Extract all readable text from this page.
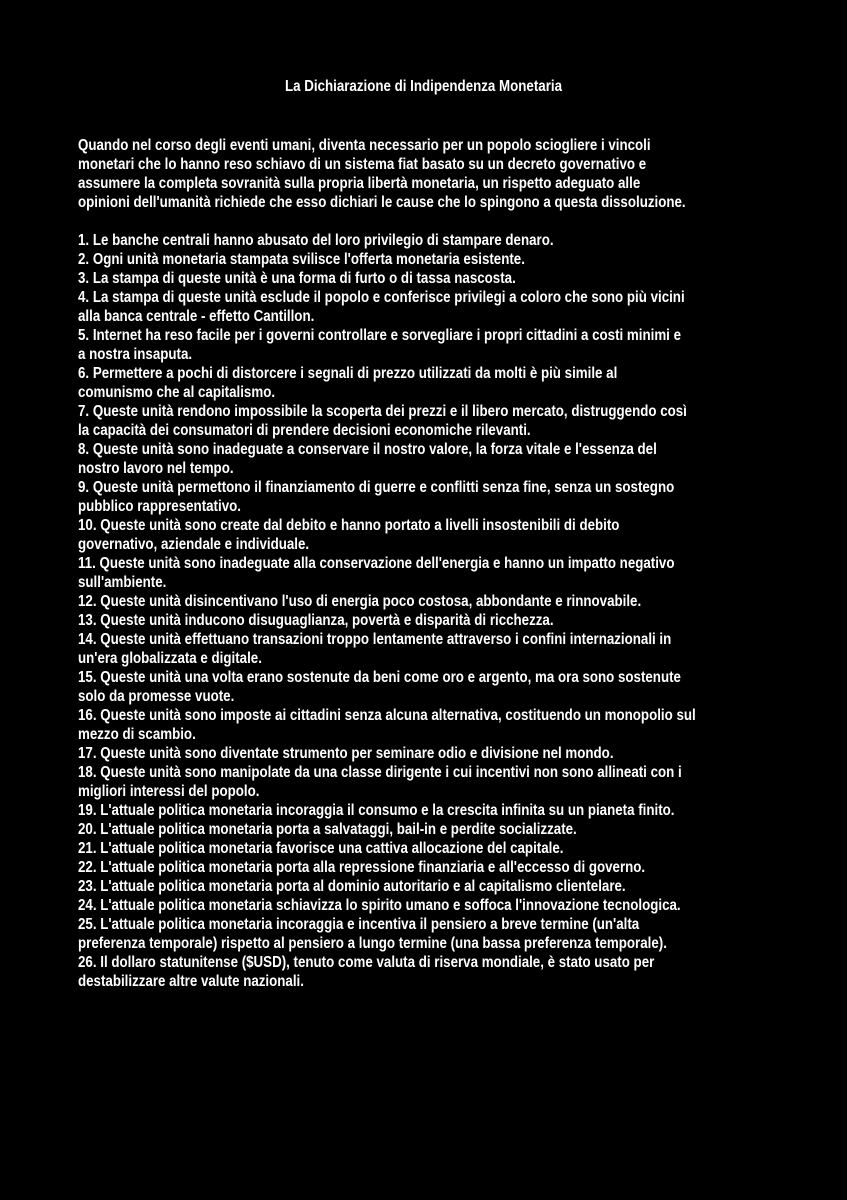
La Dichiarazione di Indipendenza Monetaria

Quando nel corso degli eventi umani, diventa necessario per un popolo sciogliere i vincoli
monetari che lo hanno reso schiavo di un sistema fiat basato su un decreto governativo e
assumere la completa sovranità sulla propria libertà monetaria, un rispetto adeguato alle
opinioni dell'umanità richiede che esso dichiari le cause che lo spingono a questa dissoluzione.

1. Le banche centrali hanno abusato del loro privilegio di stampare denaro.
2. Ogni unità monetaria stampata svilisce l'offerta monetaria esistente.
3. La stampa di queste unità è una forma di furto o di tassa nascosta.
4. La stampa di queste unità esclude il popolo e conferisce privilegi a coloro che sono più vicini
alla banca centrale - effetto Cantillon.
5. Internet ha reso facile per i governi controllare e sorvegliare i propri cittadini a costi minimi e
a nostra insaputa.
6. Permettere a pochi di distorcere i segnali di prezzo utilizzati da molti è più simile al
comunismo che al capitalismo.
7. Queste unità rendono impossibile la scoperta dei prezzi e il libero mercato, distruggendo così
la capacità dei consumatori di prendere decisioni economiche rilevanti.
8. Queste unità sono inadeguate a conservare il nostro valore, la forza vitale e l'essenza del
nostro lavoro nel tempo.
9. Queste unità permettono il finanziamento di guerre e conflitti senza fine, senza un sostegno
pubblico rappresentativo.
10. Queste unità sono create dal debito e hanno portato a livelli insostenibili di debito
governativo, aziendale e individuale.
11. Queste unità sono inadeguate alla conservazione dell'energia e hanno un impatto negativo
sull'ambiente.
12. Queste unità disincentivano l'uso di energia poco costosa, abbondante e rinnovabile.
13. Queste unità inducono disuguaglianza, povertà e disparità di ricchezza.
14. Queste unità effettuano transazioni troppo lentamente attraverso i confini internazionali in
un'era globalizzata e digitale.
15. Queste unità una volta erano sostenute da beni come oro e argento, ma ora sono sostenute
solo da promesse vuote.
16. Queste unità sono imposte ai cittadini senza alcuna alternativa, costituendo un monopolio sul
mezzo di scambio.
17. Queste unità sono diventate strumento per seminare odio e divisione nel mondo.
18. Queste unità sono manipolate da una classe dirigente i cui incentivi non sono allineati con i
migliori interessi del popolo.
19. L'attuale politica monetaria incoraggia il consumo e la crescita infinita su un pianeta finito.
20. L'attuale politica monetaria porta a salvataggi, bail-in e perdite socializzate.
21. L'attuale politica monetaria favorisce una cattiva allocazione del capitale.
22. L'attuale politica monetaria porta alla repressione finanziaria e all'eccesso di governo.
23. L'attuale politica monetaria porta al dominio autoritario e al capitalismo clientelare.
24. L'attuale politica monetaria schiavizza lo spirito umano e soffoca l'innovazione tecnologica.
25. L'attuale politica monetaria incoraggia e incentiva il pensiero a breve termine (un'alta
preferenza temporale) rispetto al pensiero a lungo termine (una bassa preferenza temporale).
26. Il dollaro statunitense ($USD), tenuto come valuta di riserva mondiale, è stato usato per
destabilizzare altre valute nazionali.
